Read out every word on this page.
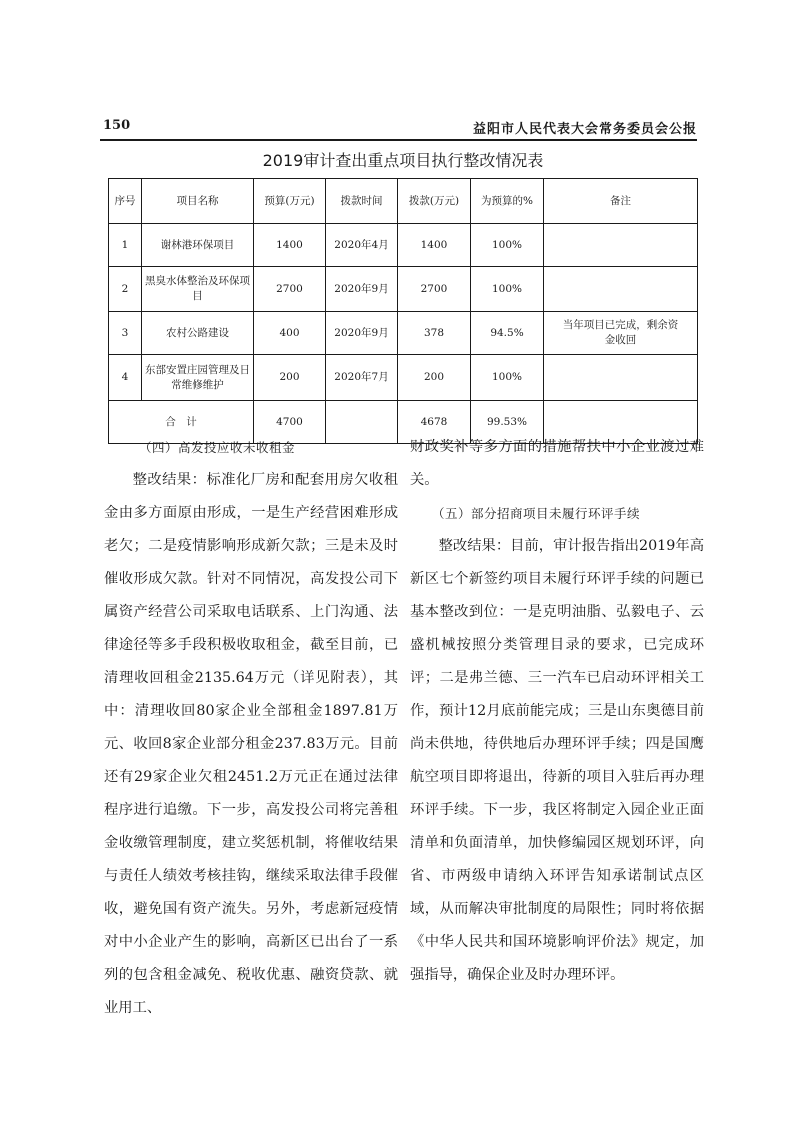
150	益阳市人民代表大会常务委员会公报
2019审计查出重点项目执行整改情况表
序号	项目名称	预算(万元)	拨款时间	拨款(万元)	为预算的%	备注
1	谢林港环保项目	1400	2020年4月	1400	100%	
2	黑臭水体整治及环保项目	2700	2020年9月	2700	100%	
3	农村公路建设	400	2020年9月	378	94.5%	当年项目已完成，剩余资金收回
4	东部安置庄园管理及日常维修维护	200	2020年7月	200	100%	
合　计		4700		4678	99.53%	

（四）高发投应收未收租金

整改结果：标准化厂房和配套用房欠收租金由多方面原由形成，一是生产经营困难形成老欠；二是疫情影响形成新欠款；三是未及时催收形成欠款。针对不同情况，高发投公司下属资产经营公司采取电话联系、上门沟通、法律途径等多手段积极收取租金，截至目前，已清理收回租金2135.64万元（详见附表），其中：清理收回80家企业全部租金1897.81万元、收回8家企业部分租金237.83万元。目前还有29家企业欠租2451.2万元正在通过法律程序进行追缴。下一步，高发投公司将完善租金收缴管理制度，建立奖惩机制，将催收结果与责任人绩效考核挂钩，继续采取法律手段催收，避免国有资产流失。另外，考虑新冠疫情对中小企业产生的影响，高新区已出台了一系列的包含租金减免、税收优惠、融资贷款、就业用工、

财政奖补等多方面的措施帮扶中小企业渡过难关。

（五）部分招商项目未履行环评手续

整改结果：目前，审计报告指出2019年高新区七个新签约项目未履行环评手续的问题已基本整改到位：一是克明油脂、弘毅电子、云盛机械按照分类管理目录的要求，已完成环评；二是弗兰德、三一汽车已启动环评相关工作，预计12月底前能完成；三是山东奥德目前尚未供地，待供地后办理环评手续；四是国鹰航空项目即将退出，待新的项目入驻后再办理环评手续。下一步，我区将制定入园企业正面清单和负面清单，加快修编园区规划环评，向省、市两级申请纳入环评告知承诺制试点区域，从而解决审批制度的局限性；同时将依据《中华人民共和国环境影响评价法》规定，加强指导，确保企业及时办理环评。
